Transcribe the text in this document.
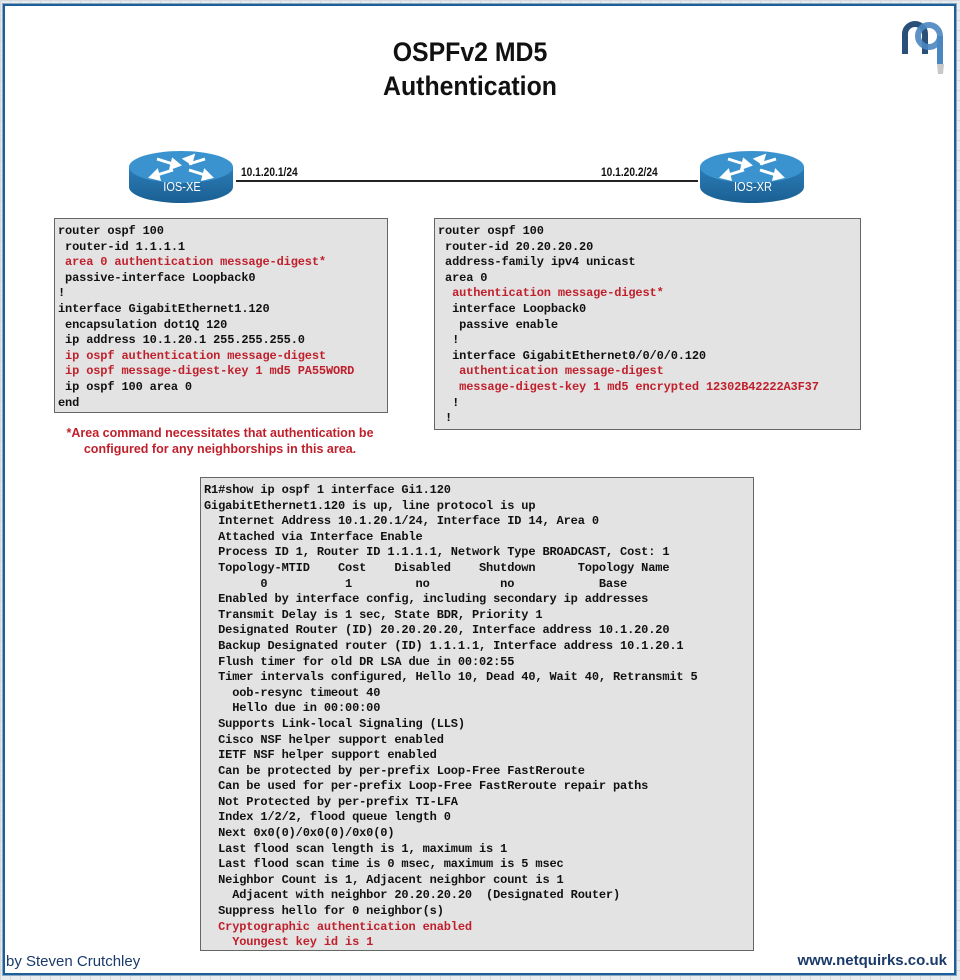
OSPFv2 MD5
Authentication
IOS-XE
10.1.20.1/24
IOS-XR
10.1.20.2/24
router ospf 100
router-id 1.1.1.1
area 0 authentication message-digest*
passive-interface Loopback0
!
interface GigabitEthernet1.120
encapsulation dot1Q 120
ip address 10.1.20.1 255.255.255.0
ip ospf authentication message-digest
ip ospf message-digest-key 1 md5 PA55WORD
ip ospf 100 area 0
end
router ospf 100
router-id 20.20.20.20
address-family ipv4 unicast
area 0
authentication message-digest*
interface Loopback0
passive enable
!
interface GigabitEthernet0/0/0/0.120
authentication message-digest
message-digest-key 1 md5 encrypted 12302B42222A3F37
!
!
*Area command necessitates that authentication be
configured for any neighborships in this area.
R1#show ip ospf 1 interface Gi1.120
GigabitEthernet1.120 is up, line protocol is up
Internet Address 10.1.20.1/24, Interface ID 14, Area 0
Attached via Interface Enable
Process ID 1, Router ID 1.1.1.1, Network Type BROADCAST, Cost: 1
Topology-MTID    Cost    Disabled    Shutdown      Topology Name
0           1         no          no            Base
Enabled by interface config, including secondary ip addresses
Transmit Delay is 1 sec, State BDR, Priority 1
Designated Router (ID) 20.20.20.20, Interface address 10.1.20.20
Backup Designated router (ID) 1.1.1.1, Interface address 10.1.20.1
Flush timer for old DR LSA due in 00:02:55
Timer intervals configured, Hello 10, Dead 40, Wait 40, Retransmit 5
oob-resync timeout 40
Hello due in 00:00:00
Supports Link-local Signaling (LLS)
Cisco NSF helper support enabled
IETF NSF helper support enabled
Can be protected by per-prefix Loop-Free FastReroute
Can be used for per-prefix Loop-Free FastReroute repair paths
Not Protected by per-prefix TI-LFA
Index 1/2/2, flood queue length 0
Next 0x0(0)/0x0(0)/0x0(0)
Last flood scan length is 1, maximum is 1
Last flood scan time is 0 msec, maximum is 5 msec
Neighbor Count is 1, Adjacent neighbor count is 1
Adjacent with neighbor 20.20.20.20  (Designated Router)
Suppress hello for 0 neighbor(s)
Cryptographic authentication enabled
Youngest key id is 1
by Steven Crutchley	www.netquirks.co.uk
